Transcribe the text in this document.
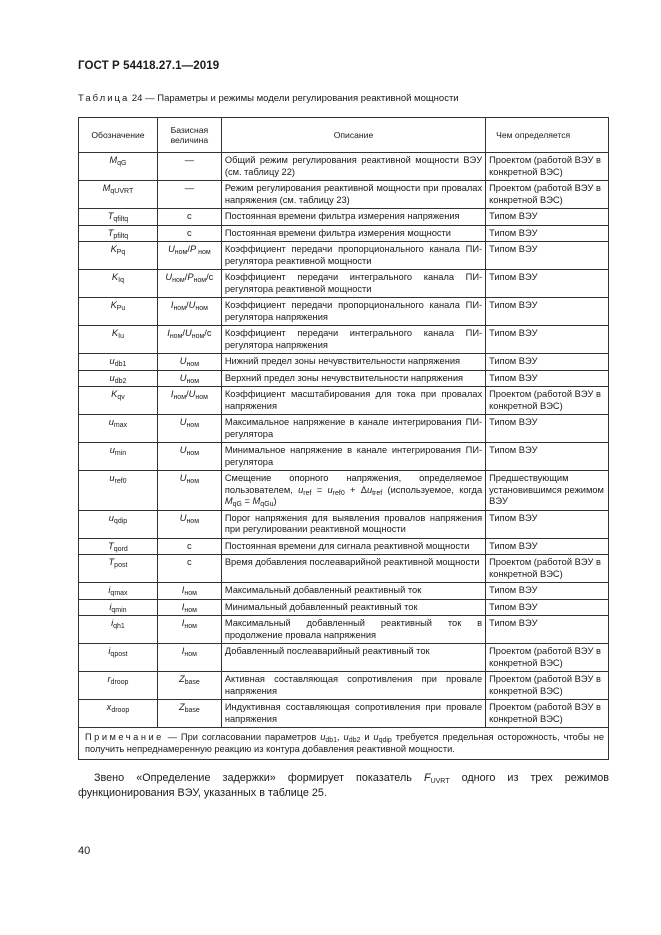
ГОСТ Р 54418.27.1—2019
Таблица 24 — Параметры и режимы модели регулирования реактивной мощности
Обозначение	Базисная величина	Описание	Чем определяется
$M_{qG}$	—	Общий режим регулирования реактивной мощности ВЭУ (см. таблицу 22)	Проектом (работой ВЭУ в конкретной ВЭС)
$M_{qUVRT}$	—	Режим регулирования реактивной мощности при провалах напряжения (см. таблицу 23)	Проектом (работой ВЭУ в конкретной ВЭС)
$T_{qfiltq}$	с	Постоянная времени фильтра измерения напряжения	Типом ВЭУ
$T_{pfiltq}$	с	Постоянная времени фильтра измерения мощности	Типом ВЭУ
$K_{Pq}$	$U_{ном}/P$ $_{ном}$	Коэффициент передачи пропорционального канала ПИ-регулятора реактивной мощности	Типом ВЭУ
$K_{Iq}$	$U_{ном}/P_{ном}/с$	Коэффициент передачи интегрального канала ПИ-регулятора реактивной мощности	Типом ВЭУ
$K_{Pu}$	$I_{ном}/U_{ном}$	Коэффициент передачи пропорционального канала ПИ-регулятора напряжения	Типом ВЭУ
$K_{Iu}$	$I_{ном}/U_{ном}/с$	Коэффициент передачи интегрального канала ПИ-регулятора напряжения	Типом ВЭУ
$u_{db1}$	$U_{ном}$	Нижний предел зоны нечувствительности напряжения	Типом ВЭУ
$u_{db2}$	$U_{ном}$	Верхний предел зоны нечувствительности напряжения	Типом ВЭУ
$K_{qv}$	$I_{ном}/U_{ном}$	Коэффициент масштабирования для тока при провалах напряжения	Проектом (работой ВЭУ в конкретной ВЭС)
$u_{max}$	$U_{ном}$	Максимальное напряжение в канале интегрирования ПИ-регулятора	Типом ВЭУ
$u_{min}$	$U_{ном}$	Минимальное напряжение в канале интегрирования ПИ-регулятора	Типом ВЭУ
$u_{ref0}$	$U_{ном}$	Смещение опорного напряжения, определяемое пользователем, $u_{ref} = u_{ref0} + \Delta u_{tref}$ (используемое, когда $M_{qG} = M_{qGu}$)	Предшествующим установившимся режимом ВЭУ
$u_{qdip}$	$U_{ном}$	Порог напряжения для выявления провалов напряжения при регулировании реактивной мощности	Типом ВЭУ
$T_{qord}$	с	Постоянная времени для сигнала реактивной мощности	Типом ВЭУ
$T_{post}$	с	Время добавления послеаварийной реактивной мощности	Проектом (работой ВЭУ в конкретной ВЭС)
$i_{qmax}$	$I_{ном}$	Максимальный добавленный реактивный ток	Типом ВЭУ
$i_{qmin}$	$I_{ном}$	Минимальный добавленный реактивный ток	Типом ВЭУ
$i_{qh1}$	$I_{ном}$	Максимальный добавленный реактивный ток в продолжение провала напряжения	Типом ВЭУ
$i_{qpost}$	$I_{ном}$	Добавленный послеаварийный реактивный ток	Проектом (работой ВЭУ в конкретной ВЭС)
$r_{droop}$	$Z_{base}$	Активная составляющая сопротивления при провале напряжения	Проектом (работой ВЭУ в конкретной ВЭС)
$x_{droop}$	$Z_{base}$	Индуктивная составляющая сопротивления при провале напряжения	Проектом (работой ВЭУ в конкретной ВЭС)
Примечание — При согласовании параметров $u_{db1}$, $u_{db2}$ и $u_{qdip}$ требуется предельная осторожность, чтобы не получить непреднамеренную реакцию из контура добавления реактивной мощности.			
Звено «Определение задержки» формирует показатель $F_{UVRT}$ одного из трех режимов функционирования ВЭУ, указанных в таблице 25.
40
